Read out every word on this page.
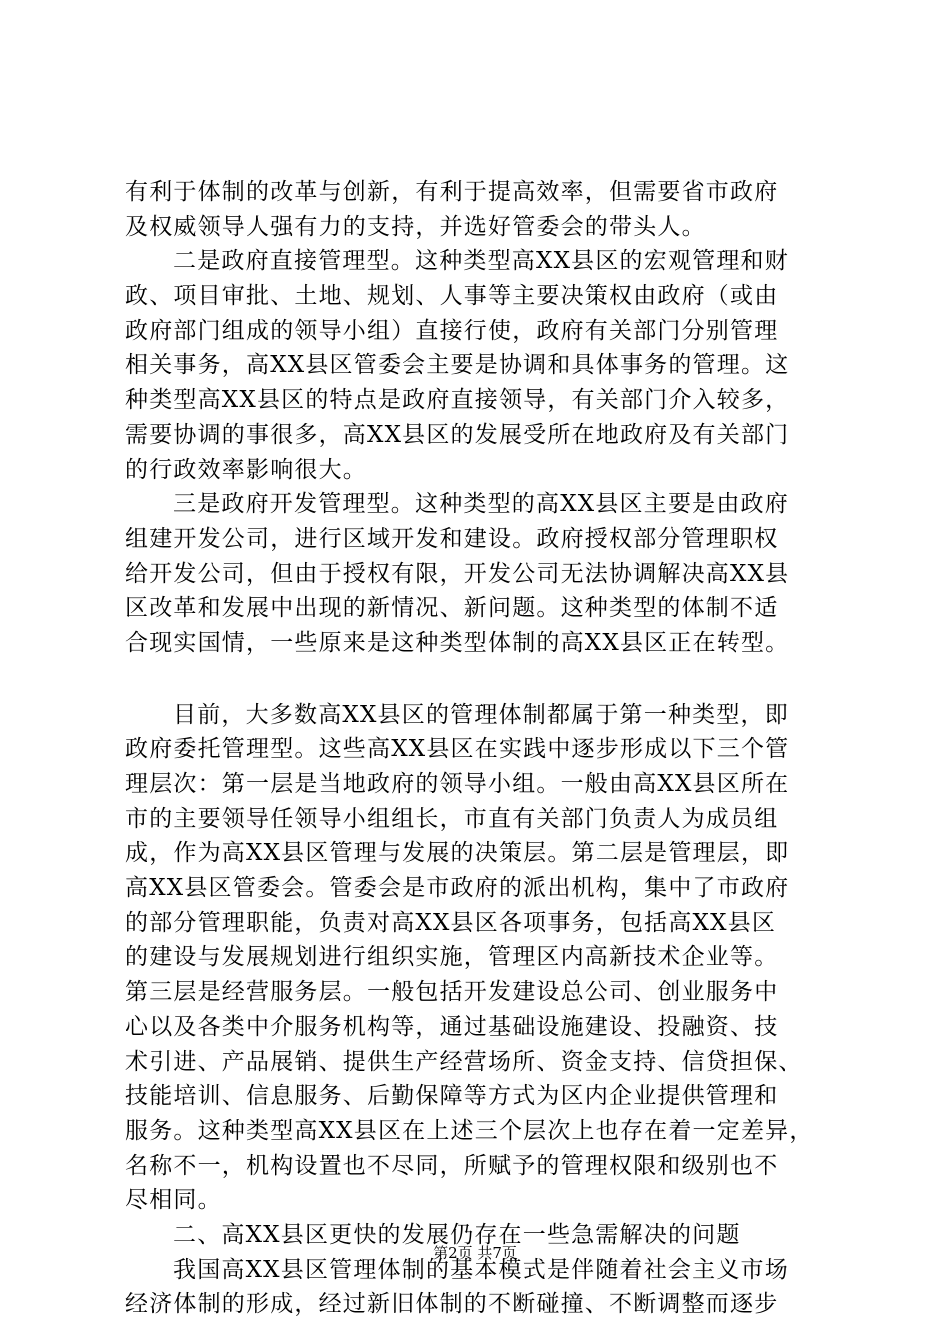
有利于体制的改革与创新，有利于提高效率，但需要省市政府
及权威领导人强有力的支持，并选好管委会的带头人。
二是政府直接管理型。这种类型高XX县区的宏观管理和财
政、项目审批、土地、规划、人事等主要决策权由政府（或由
政府部门组成的领导小组）直接行使，政府有关部门分别管理
相关事务，高XX县区管委会主要是协调和具体事务的管理。这
种类型高XX县区的特点是政府直接领导，有关部门介入较多，
需要协调的事很多，高XX县区的发展受所在地政府及有关部门
的行政效率影响很大。
三是政府开发管理型。这种类型的高XX县区主要是由政府
组建开发公司，进行区域开发和建设。政府授权部分管理职权
给开发公司，但由于授权有限，开发公司无法协调解决高XX县
区改革和发展中出现的新情况、新问题。这种类型的体制不适
合现实国情，一些原来是这种类型体制的高XX县区正在转型。
目前，大多数高XX县区的管理体制都属于第一种类型，即
政府委托管理型。这些高XX县区在实践中逐步形成以下三个管
理层次：第一层是当地政府的领导小组。一般由高XX县区所在
市的主要领导任领导小组组长，市直有关部门负责人为成员组
成，作为高XX县区管理与发展的决策层。第二层是管理层，即
高XX县区管委会。管委会是市政府的派出机构，集中了市政府
的部分管理职能，负责对高XX县区各项事务，包括高XX县区
的建设与发展规划进行组织实施，管理区内高新技术企业等。
第三层是经营服务层。一般包括开发建设总公司、创业服务中
心以及各类中介服务机构等，通过基础设施建设、投融资、技
术引进、产品展销、提供生产经营场所、资金支持、信贷担保、
技能培训、信息服务、后勤保障等方式为区内企业提供管理和
服务。这种类型高XX县区在上述三个层次上也存在着一定差异，
名称不一，机构设置也不尽同，所赋予的管理权限和级别也不
尽相同。
二、高XX县区更快的发展仍存在一些急需解决的问题
我国高XX县区管理体制的基本模式是伴随着社会主义市场
经济体制的形成，经过新旧体制的不断碰撞、不断调整而逐步
第2页 共7页
